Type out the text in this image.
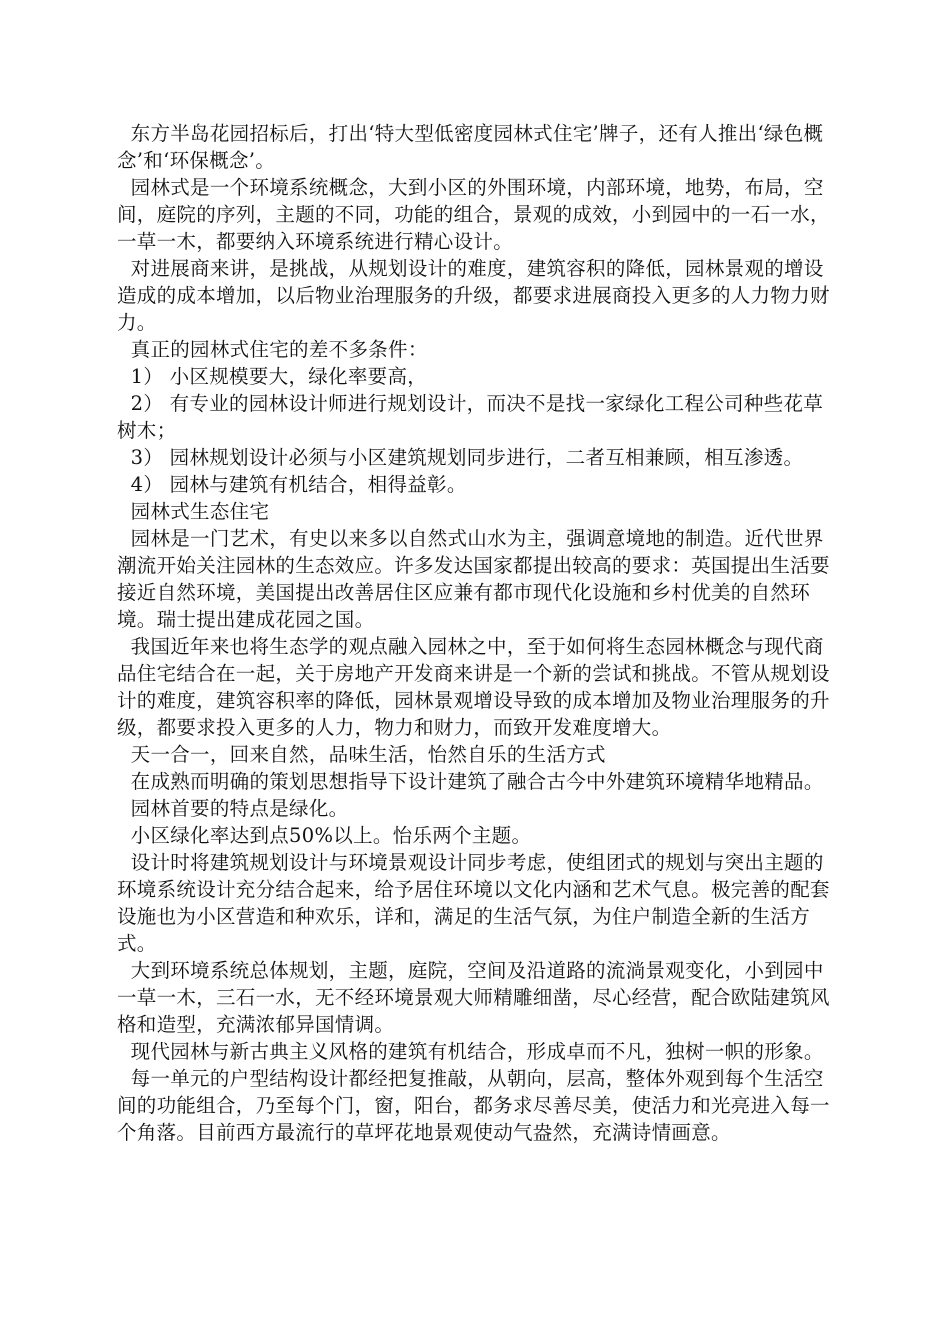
东方半岛花园招标后，打出‘特大型低密度园林式住宅’牌子，还有人推出‘绿色概念’和‘环保概念’。

园林式是一个环境系统概念，大到小区的外围环境，内部环境，地势，布局，空间，庭院的序列，主题的不同，功能的组合，景观的成效，小到园中的一石一水，一草一木，都要纳入环境系统进行精心设计。

对进展商来讲，是挑战，从规划设计的难度，建筑容积的降低，园林景观的增设造成的成本增加，以后物业治理服务的升级，都要求进展商投入更多的人力物力财力。

真正的园林式住宅的差不多条件：

1） 小区规模要大，绿化率要高，

2） 有专业的园林设计师进行规划设计，而决不是找一家绿化工程公司种些花草树木；

3） 园林规划设计必须与小区建筑规划同步进行，二者互相兼顾，相互渗透。

4） 园林与建筑有机结合，相得益彰。

园林式生态住宅

园林是一门艺术，有史以来多以自然式山水为主，强调意境地的制造。近代世界潮流开始关注园林的生态效应。许多发达国家都提出较高的要求：英国提出生活要接近自然环境，美国提出改善居住区应兼有都市现代化设施和乡村优美的自然环境。瑞士提出建成花园之国。

我国近年来也将生态学的观点融入园林之中，至于如何将生态园林概念与现代商品住宅结合在一起，关于房地产开发商来讲是一个新的尝试和挑战。不管从规划设计的难度，建筑容积率的降低，园林景观增设导致的成本增加及物业治理服务的升级，都要求投入更多的人力，物力和财力，而致开发难度增大。

天一合一，回来自然，品味生活，怡然自乐的生活方式

在成熟而明确的策划思想指导下设计建筑了融合古今中外建筑环境精华地精品。

园林首要的特点是绿化。

小区绿化率达到点50%以上。怡乐两个主题。

设计时将建筑规划设计与环境景观设计同步考虑，使组团式的规划与突出主题的环境系统设计充分结合起来，给予居住环境以文化内涵和艺术气息。极完善的配套设施也为小区营造和种欢乐，详和，满足的生活气氛，为住户制造全新的生活方式。

大到环境系统总体规划，主题，庭院，空间及沿道路的流淌景观变化，小到园中一草一木，三石一水，无不经环境景观大师精雕细凿，尽心经营，配合欧陆建筑风格和造型，充满浓郁异国情调。

现代园林与新古典主义风格的建筑有机结合，形成卓而不凡，独树一帜的形象。

每一单元的户型结构设计都经把复推敲，从朝向，层高，整体外观到每个生活空间的功能组合，乃至每个门，窗，阳台，都务求尽善尽美，使活力和光亮进入每一个角落。目前西方最流行的草坪花地景观使动气盎然，充满诗情画意。
